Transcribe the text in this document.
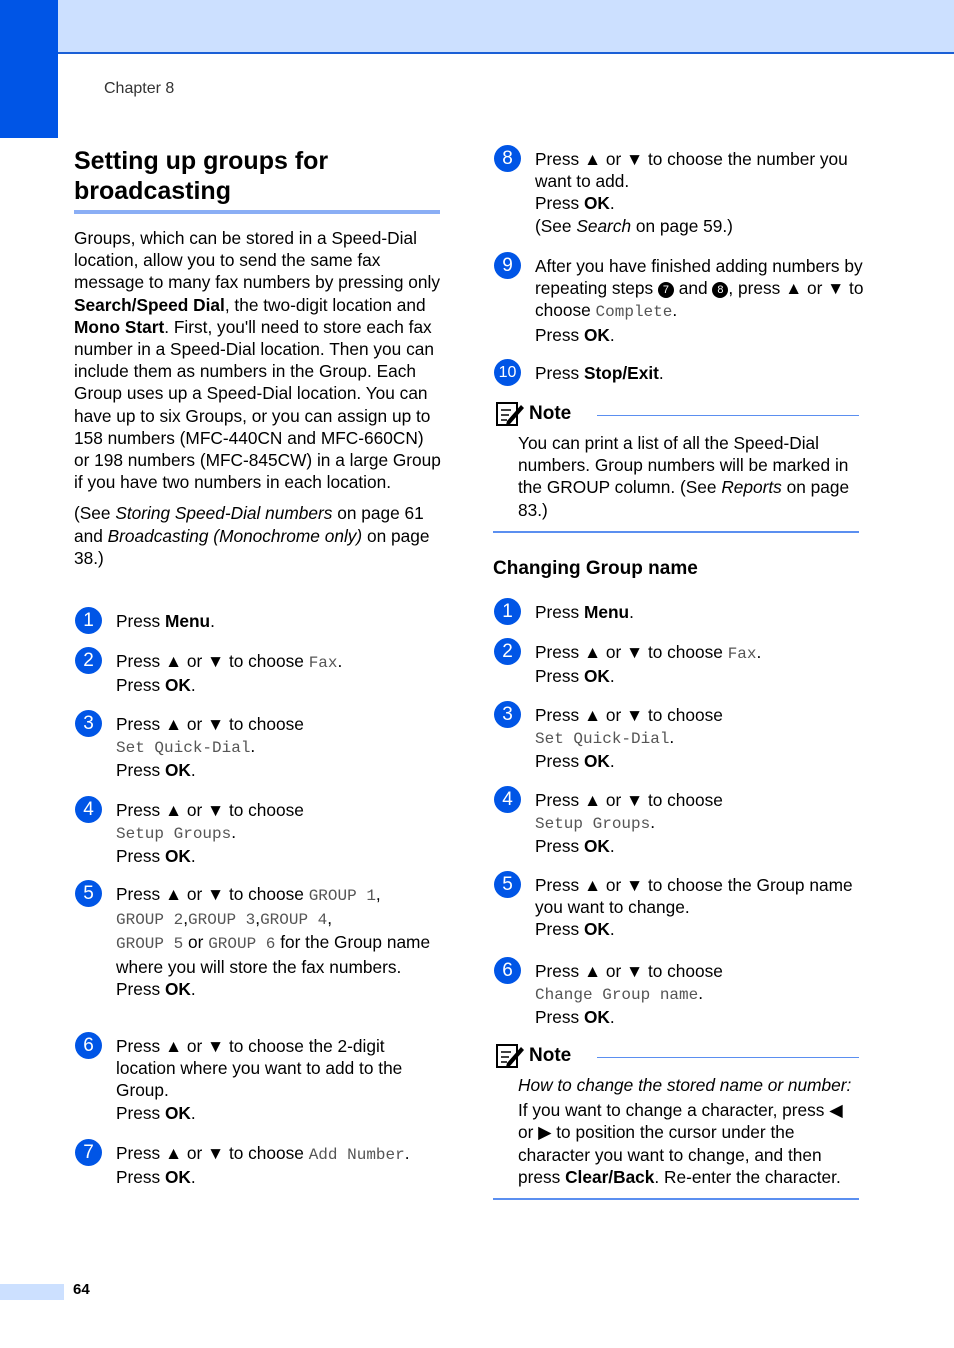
Chapter 8
Setting up groups for broadcasting

Groups, which can be stored in a Speed-Dial location, allow you to send the same fax message to many fax numbers by pressing only Search/Speed Dial, the two-digit location and Mono Start. First, you'll need to store each fax number in a Speed-Dial location. Then you can include them as numbers in the Group. Each Group uses up a Speed-Dial location. You can have up to six Groups, or you can assign up to 158 numbers (MFC-440CN and MFC-660CN) or 198 numbers (MFC-845CW) in a large Group if you have two numbers in each location.

(See Storing Speed-Dial numbers on page 61 and Broadcasting (Monochrome only) on page 38.)

1	Press Menu.

2	Press ▲ or ▼ to choose Fax.
Press OK.

3	Press ▲ or ▼ to choose
Set Quick-Dial.
Press OK.

4	Press ▲ or ▼ to choose
Setup Groups.
Press OK.

5	Press ▲ or ▼ to choose GROUP 1,
GROUP 2,GROUP 3,GROUP 4,
GROUP 5 or GROUP 6 for the Group name where you will store the fax numbers.
Press OK.

6	Press ▲ or ▼ to choose the 2-digit location where you want to add to the Group.
Press OK.

7	Press ▲ or ▼ to choose Add Number.
Press OK.

8	Press ▲ or ▼ to choose the number you want to add.
Press OK.
(See Search on page 59.)

9	After you have finished adding numbers by repeating steps 7 and 8 , press ▲ or ▼ to choose Complete.
Press OK.

10 Press Stop/Exit.

Note

You can print a list of all the Speed-Dial numbers. Group numbers will be marked in the GROUP column. (See Reports on page 83.)

Changing Group name
1	Press Menu.

2	Press ▲ or ▼ to choose Fax.
Press OK.

3	Press ▲ or ▼ to choose
Set Quick-Dial.
Press OK.

4	Press ▲ or ▼ to choose
Setup Groups.
Press OK.

5	Press ▲ or ▼ to choose the Group name you want to change.
Press OK.

6	Press ▲ or ▼ to choose
Change Group name.
Press OK.

Note

How to change the stored name or number:

If you want to change a character, press ◀ or ▶ to position the cursor under the character you want to change, and then press Clear/Back. Re-enter the character.

64
